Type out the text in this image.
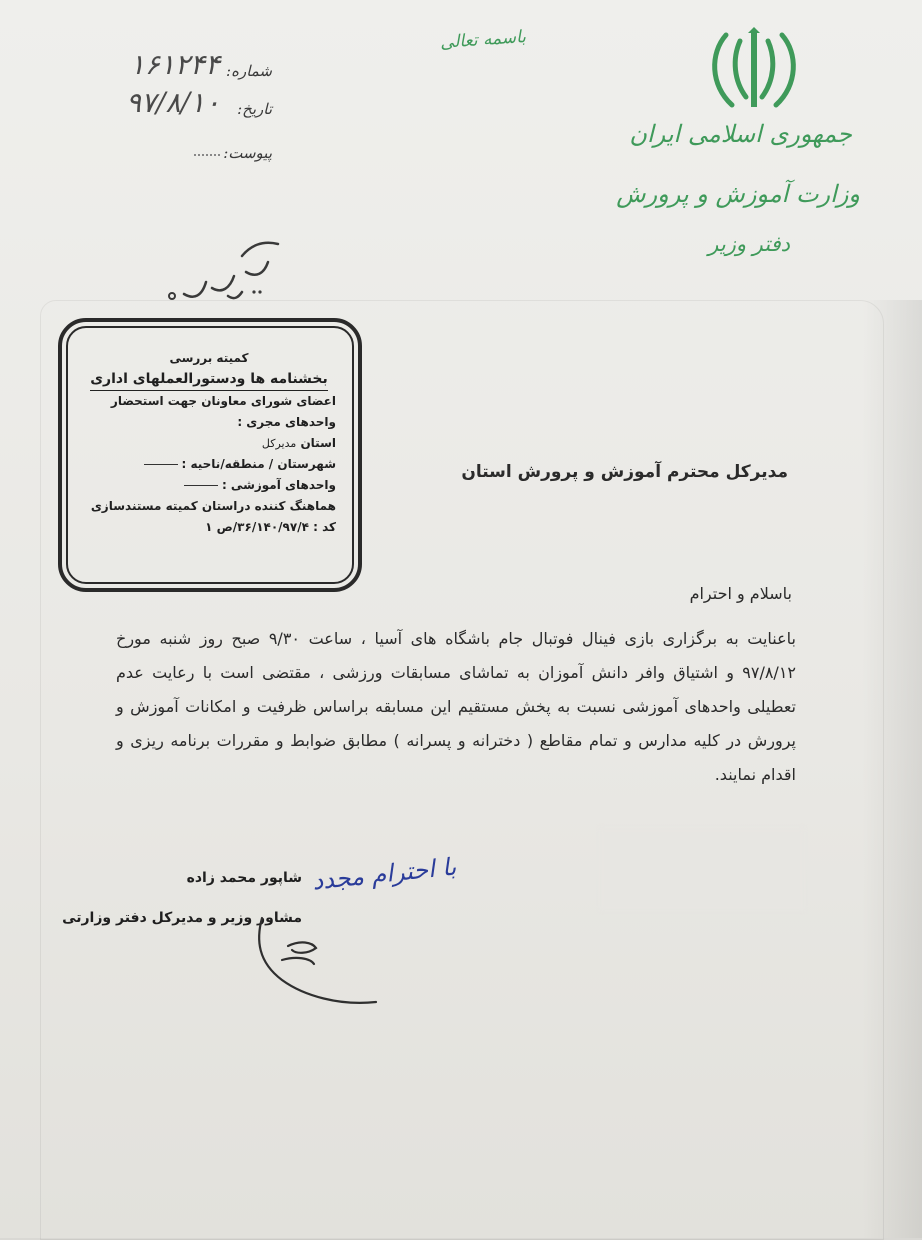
جمهوری اسلامی ایران
وزارت آموزش و پرورش
دفتر وزیر
باسمه تعالی
شماره:
۱۶۱۲۴۴
تاریخ:
۹۷/۸/۱۰
پیوست:
کمیته بررسی
بخشنامه ها ودستورالعملهای اداری
اعضای شورای معاونان جهت استحضار
واحدهای مجری :
استان مدیرکل
شهرستان / منطقه/ناحیه :
واحدهای آموزشی :
هماهنگ کننده دراستان کمیته مستندسازی
کد : ۳۶/۱۴۰/۹۷/۴/ص ۱
مدیرکل محترم آموزش و پرورش استان
باسلام و احترام
باعنایت به برگزاری بازی فینال فوتبال جام باشگاه های آسیا ، ساعت ۹/۳۰ صبح روز شنبه مورخ ۹۷/۸/۱۲ و اشتیاق وافر دانش آموزان به تماشای مسابقات ورزشی ، مقتضی است با رعایت عدم تعطیلی واحدهای آموزشی نسبت به پخش مستقیم این مسابقه براساس ظرفیت و امکانات آموزش و پرورش در کلیه مدارس و تمام مقاطع ( دخترانه و پسرانه ) مطابق ضوابط و مقررات برنامه ریزی و اقدام نمایند.
شاپور محمد زاده
مشاور وزیر و مدیرکل دفتر وزارتی
با احترام مجدد
